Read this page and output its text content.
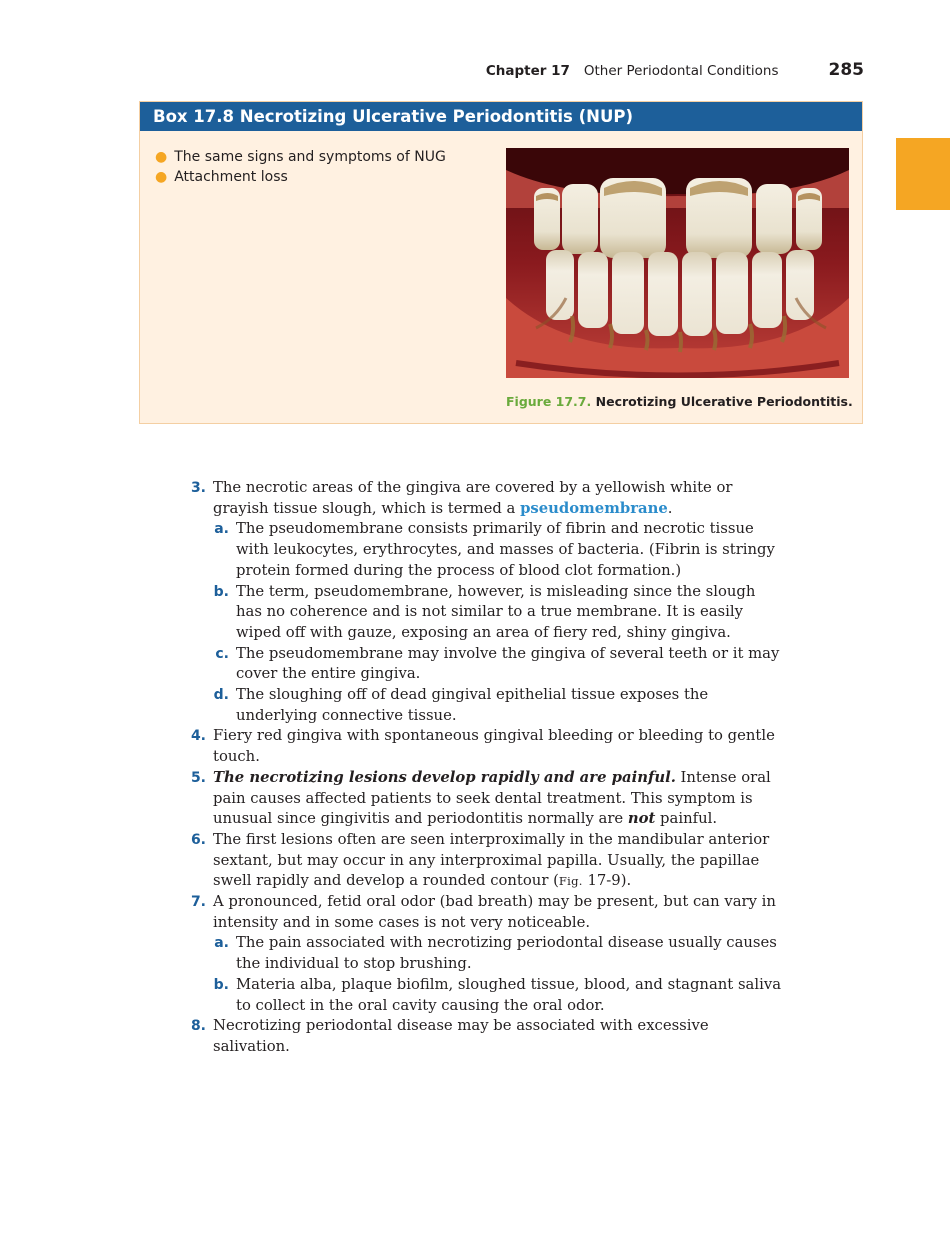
Chapter 17 Other Periodontal Conditions	285
Box 17.8 Necrotizing Ulcerative Periodontitis (NUP)
● The same signs and symptoms of NUG
● Attachment loss
Figure 17.7. Necrotizing Ulcerative Periodontitis.
3. The necrotic areas of the gingiva are covered by a yellowish white or grayish tissue slough, which is termed a pseudomembrane.
a. The pseudomembrane consists primarily of fibrin and necrotic tissue with leukocytes, erythrocytes, and masses of bacteria. (Fibrin is stringy protein formed during the process of blood clot formation.)
b. The term, pseudomembrane, however, is misleading since the slough has no coherence and is not similar to a true membrane. It is easily wiped off with gauze, exposing an area of fiery red, shiny gingiva.
c. The pseudomembrane may involve the gingiva of several teeth or it may cover the entire gingiva.
d. The sloughing off of dead gingival epithelial tissue exposes the underlying connective tissue.
4. Fiery red gingiva with spontaneous gingival bleeding or bleeding to gentle touch.
5. The necrotizing lesions develop rapidly and are painful. Intense oral pain causes affected patients to seek dental treatment. This symptom is unusual since gingivitis and periodontitis normally are not painful.
6. The first lesions often are seen interproximally in the mandibular anterior sextant, but may occur in any interproximal papilla. Usually, the papillae swell rapidly and develop a rounded contour (Fig. 17-9).
7. A pronounced, fetid oral odor (bad breath) may be present, but can vary in intensity and in some cases is not very noticeable.
a. The pain associated with necrotizing periodontal disease usually causes the individual to stop brushing.
b. Materia alba, plaque biofilm, sloughed tissue, blood, and stagnant saliva to collect in the oral cavity causing the oral odor.
8. Necrotizing periodontal disease may be associated with excessive salivation.
